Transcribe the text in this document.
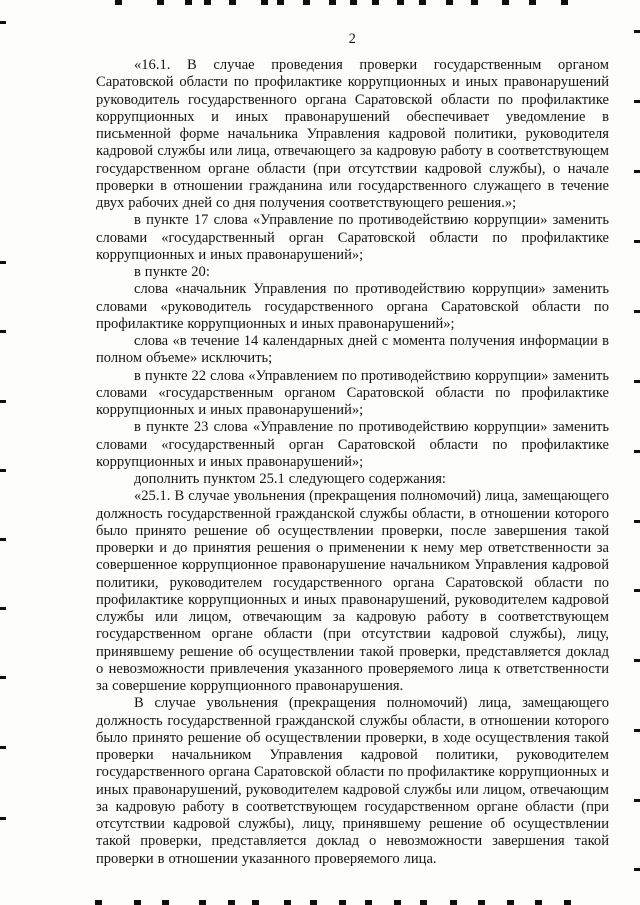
2

«16.1. В случае проведения проверки государственным органом Саратовской области по профилактике коррупционных и иных правонарушений руководитель государственного органа Саратовской области по профилактике коррупционных и иных правонарушений обеспечивает уведомление в письменной форме начальника Управления кадровой политики, руководителя кадровой службы или лица, отвечающего за кадровую работу в соответствующем государственном органе области (при отсутствии кадровой службы), о начале проверки в отношении гражданина или государственного служащего в течение двух рабочих дней со дня получения соответствующего решения.»;

в пункте 17 слова «Управление по противодействию коррупции» заменить словами «государственный орган Саратовской области по профилактике коррупционных и иных правонарушений»;

в пункте 20:

слова «начальник Управления по противодействию коррупции» заменить словами «руководитель государственного органа Саратовской области по профилактике коррупционных и иных правонарушений»;

слова «в течение 14 календарных дней с момента получения информации в полном объеме» исключить;

в пункте 22 слова «Управлением по противодействию коррупции» заменить словами «государственным органом Саратовской области по профилактике коррупционных и иных правонарушений»;

в пункте 23 слова «Управление по противодействию коррупции» заменить словами «государственный орган Саратовской области по профилактике коррупционных и иных правонарушений»;

дополнить пунктом 25.1 следующего содержания:

«25.1. В случае увольнения (прекращения полномочий) лица, замещающего должность государственной гражданской службы области, в отношении которого было принято решение об осуществлении проверки, после завершения такой проверки и до принятия решения о применении к нему мер ответственности за совершенное коррупционное правонарушение начальником Управления кадровой политики, руководителем государственного органа Саратовской области по профилактике коррупционных и иных правонарушений, руководителем кадровой службы или лицом, отвечающим за кадровую работу в соответствующем государственном органе области (при отсутствии кадровой службы), лицу, принявшему решение об осуществлении такой проверки, представляется доклад о невозможности привлечения указанного проверяемого лица к ответственности за совершение коррупционного правонарушения.

В случае увольнения (прекращения полномочий) лица, замещающего должность государственной гражданской службы области, в отношении которого было принято решение об осуществлении проверки, в ходе осуществления такой проверки начальником Управления кадровой политики, руководителем государственного органа Саратовской области по профилактике коррупционных и иных правонарушений, руководителем кадровой службы или лицом, отвечающим за кадровую работу в соответствующем государственном органе области (при отсутствии кадровой службы), лицу, принявшему решение об осуществлении такой проверки, представляется доклад о невозможности завершения такой проверки в отношении указанного проверяемого лица.
